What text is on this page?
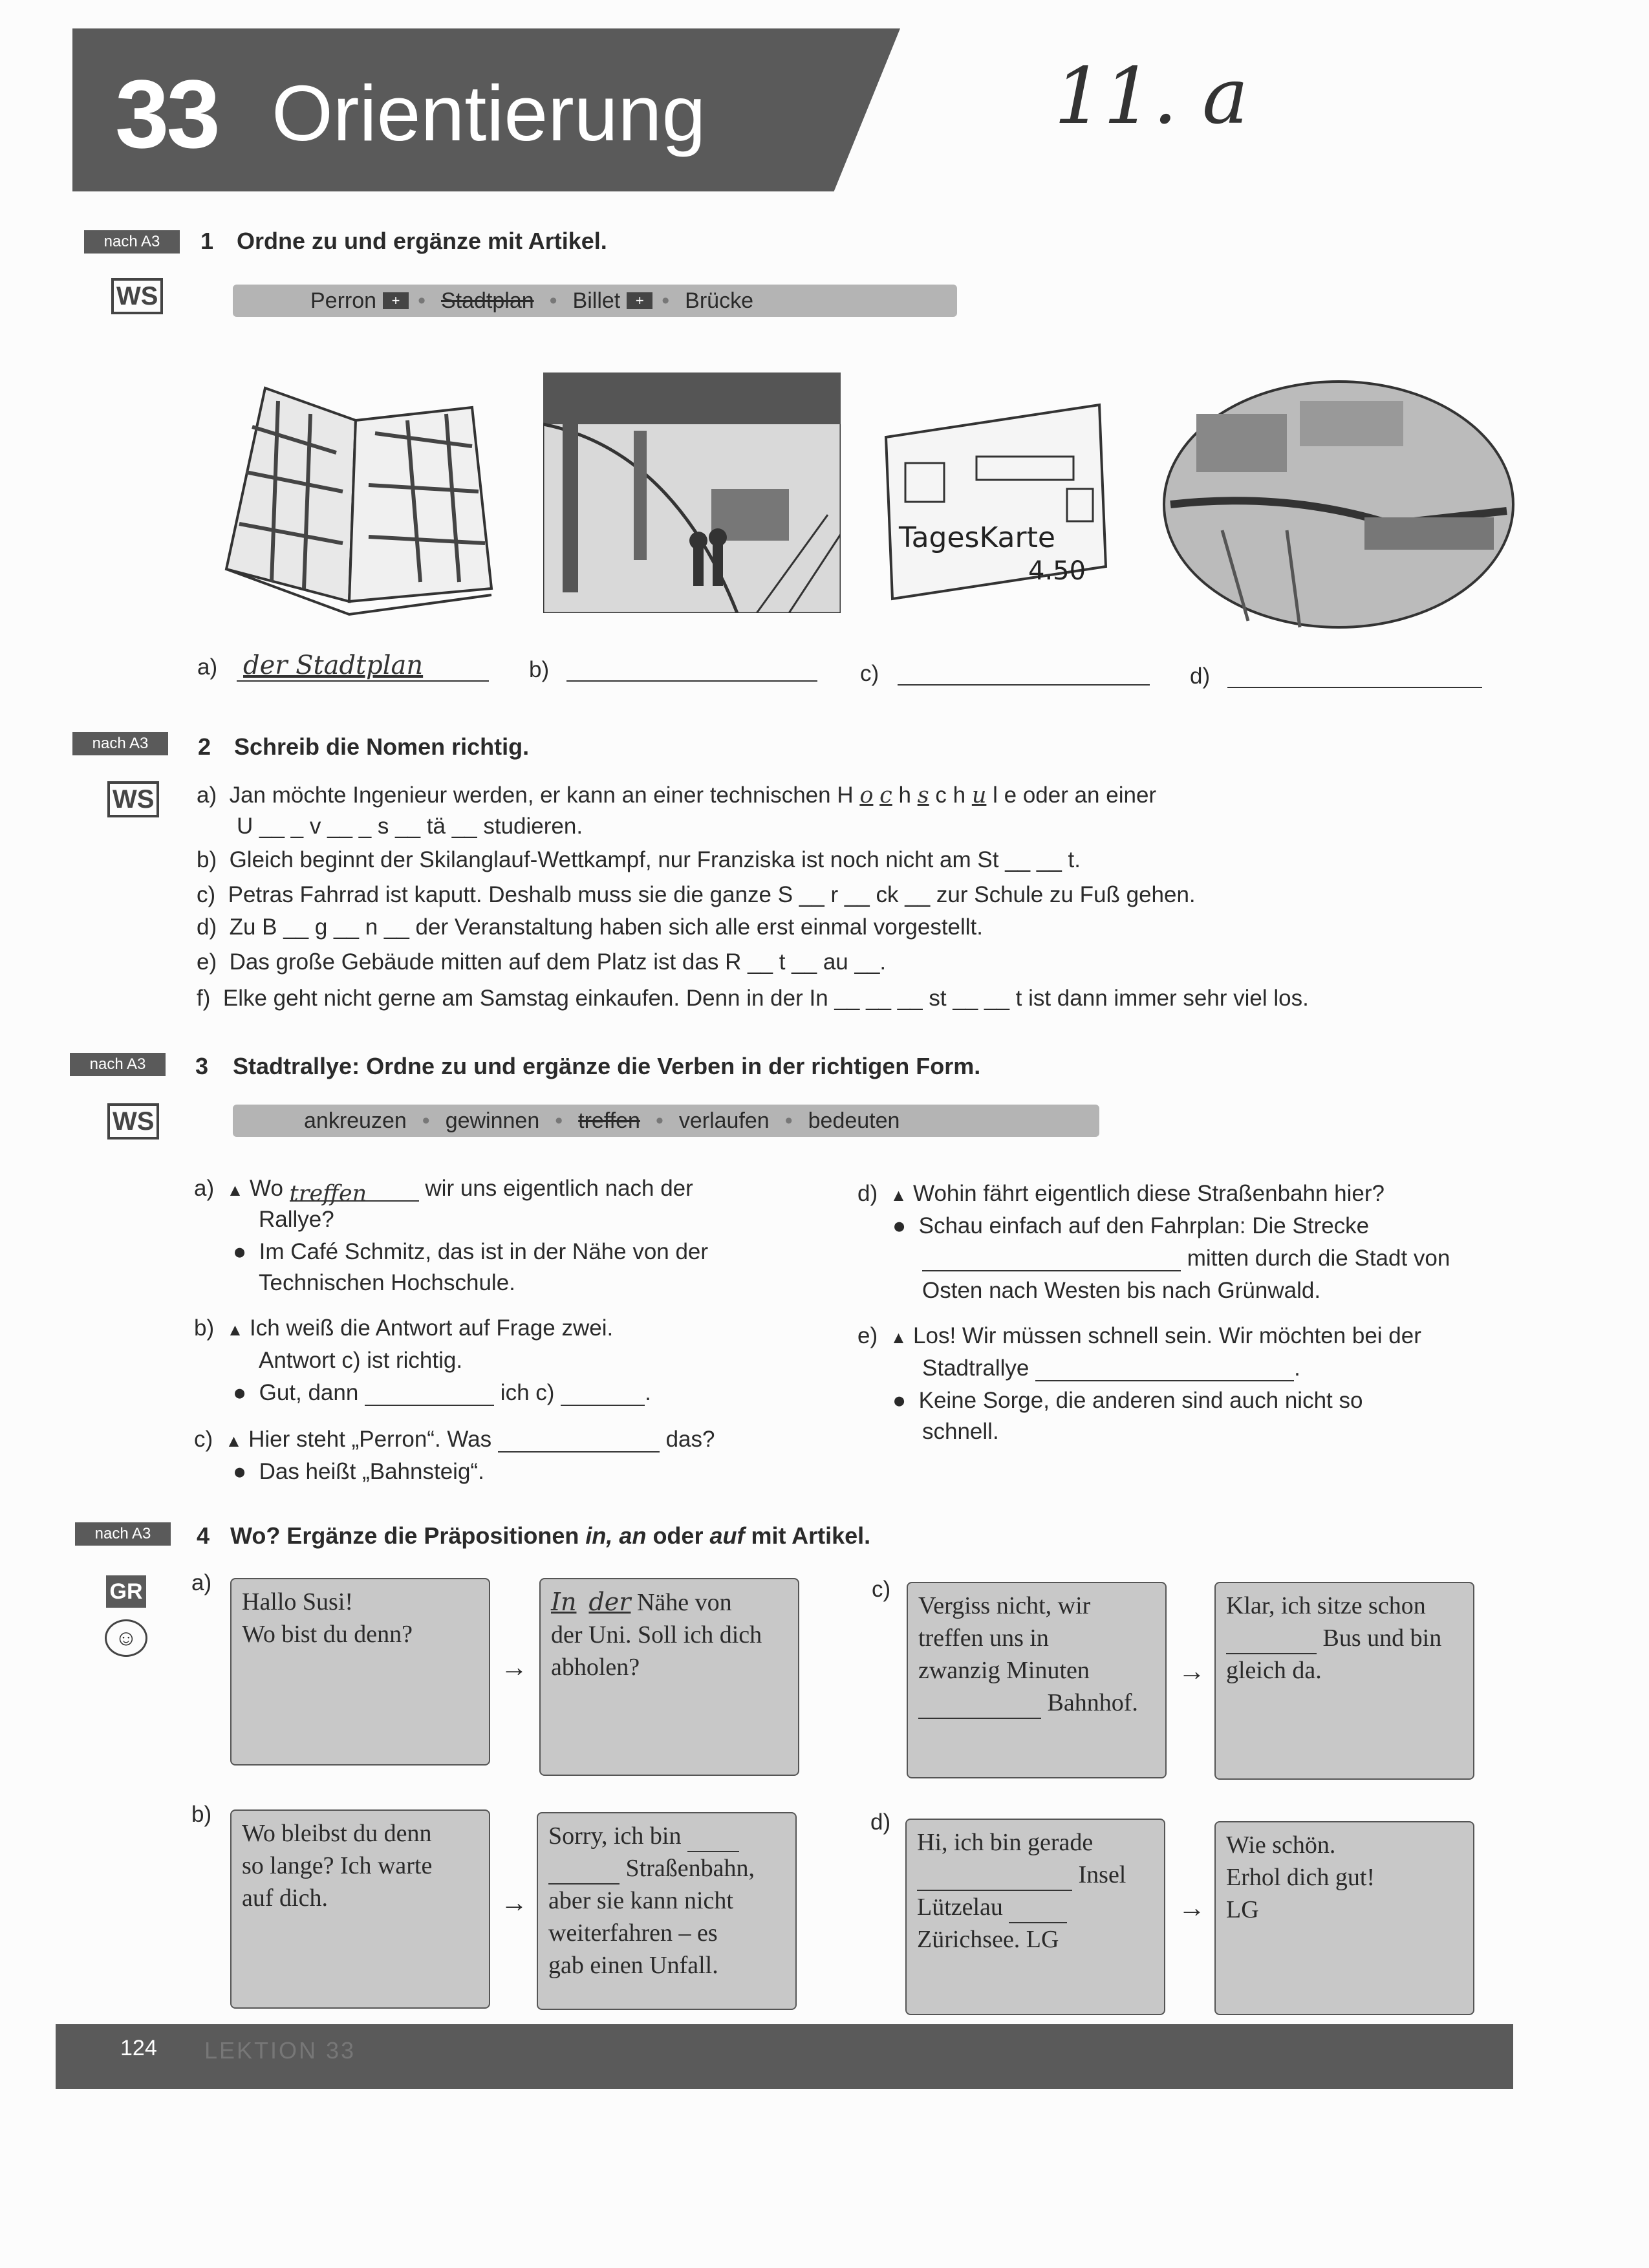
33 Orientierung	11. a
nach A3
WS
1 Ordne zu und ergänze mit Artikel.
Perron	+ • Stadtplan • Billet	+ • Brücke
TagesKarte
4.50
a) der Stadtplan	b)	c)	d)
nach A3
WS
2 Schreib die Nomen richtig.
a) Jan möchte Ingenieur werden, er kann an einer technischen H o c h s c h u l e oder an einer
U __ _ v __ _ s __ tä __ studieren.
b) Gleich beginnt der Skilanglauf-Wettkampf, nur Franziska ist noch nicht am St __ __ t.
c) Petras Fahrrad ist kaputt. Deshalb muss sie die ganze S __ r __ ck __ zur Schule zu Fuß gehen.
d) Zu B __ g __ n __ der Veranstaltung haben sich alle erst einmal vorgestellt.
e) Das große Gebäude mitten auf dem Platz ist das R __ t __ au __.
f) Elke geht nicht gerne am Samstag einkaufen. Denn in der In __ __ __ st __ __ t ist dann immer sehr viel los.
nach A3
WS
3 Stadtrallye: Ordne zu und ergänze die Verben in der richtigen Form.
ankreuzen • gewinnen • treffen • verlaufen • bedeuten
a) ▲ Wo treffen	wir uns eigentlich nach der
Rallye?
●  Im Café Schmitz, das ist in der Nähe von der
Technischen Hochschule.
b) ▲ Ich weiß die Antwort auf Frage zwei.
Antwort c) ist richtig.
●  Gut, dann	ich c)	.
c) ▲ Hier steht „Perron“. Was	das?
●  Das heißt „Bahnsteig“.
d) ▲ Wohin fährt eigentlich diese Straßenbahn hier?
●  Schau einfach auf den Fahrplan: Die Strecke
mitten durch die Stadt von
Osten nach Westen bis nach Grünwald.
e) ▲ Los! Wir müssen schnell sein. Wir möchten bei der
Stadtrallye	.
●  Keine Sorge, die anderen sind auch nicht so
schnell.
nach A3
GR
☺
4 Wo? Ergänze die Präpositionen in, an oder auf mit Artikel.
a)
Hallo Susi!
Wo bist du denn?
→
In der Nähe von
der Uni. Soll ich dich
abholen?
c)
Vergiss nicht, wir
treffen uns in
zwanzig Minuten
Bahnhof.
→
Klar, ich sitze schon
Bus und bin
gleich da.
b)
Wo bleibst du denn
so lange? Ich warte
auf dich.	→
Sorry, ich bin
Straßenbahn,
aber sie kann nicht
weiterfahren – es
gab einen Unfall.
d)
Hi, ich bin gerade
Insel
Lützelau
Zürichsee. LG
→
Wie schön.
Erhol dich gut!
LG
124 LEKTION 33
